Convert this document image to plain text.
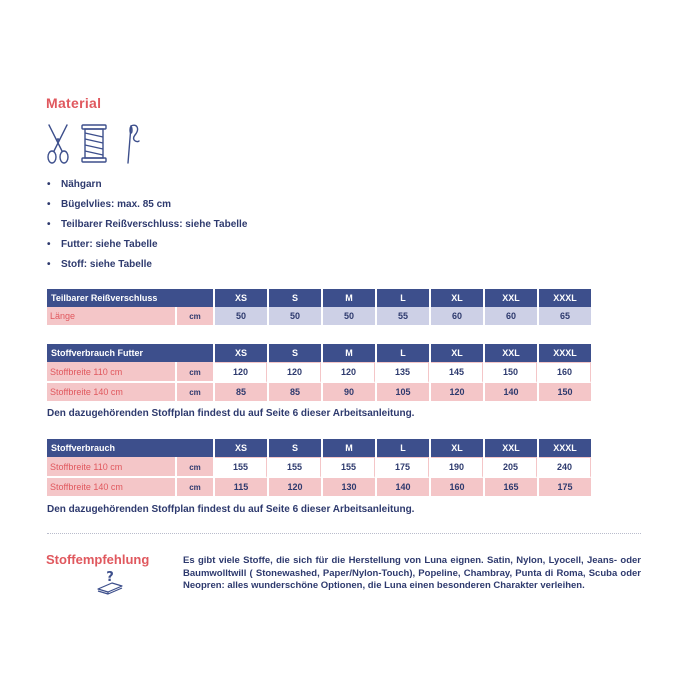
Material
• Nähgarn
• Bügelvlies: max. 85 cm
• Teilbarer Reißverschluss: siehe Tabelle
• Futter: siehe Tabelle
• Stoff: siehe Tabelle
Teilbarer Reißverschluss		XS	S	M	L	XL	XXL	XXXL
Länge	cm	50	50	50	55	60	60	65
Stoffverbrauch Futter		XS	S	M	L	XL	XXL	XXXL
Stoffbreite 110 cm	cm	120	120	120	135	145	150	160
Stoffbreite 140 cm	cm	85	85	90	105	120	140	150
Den dazugehörenden Stoffplan findest du auf Seite 6 dieser Arbeitsanleitung.
Stoffverbrauch		XS	S	M	L	XL	XXL	XXXL
Stoffbreite 110 cm	cm	155	155	155	175	190	205	240
Stoffbreite 140 cm	cm	115	120	130	140	160	165	175
Den dazugehörenden Stoffplan findest du auf Seite 6 dieser Arbeitsanleitung.
Stoffempfehlung
?
Es gibt viele Stoffe, die sich für die Herstellung von Luna eignen. Satin, Nylon, Lyocell, Jeans- oder Baumwolltwill ( Stonewashed, Paper/Nylon-Touch), Popeline, Chambray, Punta di Roma, Scuba oder Neopren: alles wunderschöne Optionen, die Luna einen besonderen Charakter verleihen.
